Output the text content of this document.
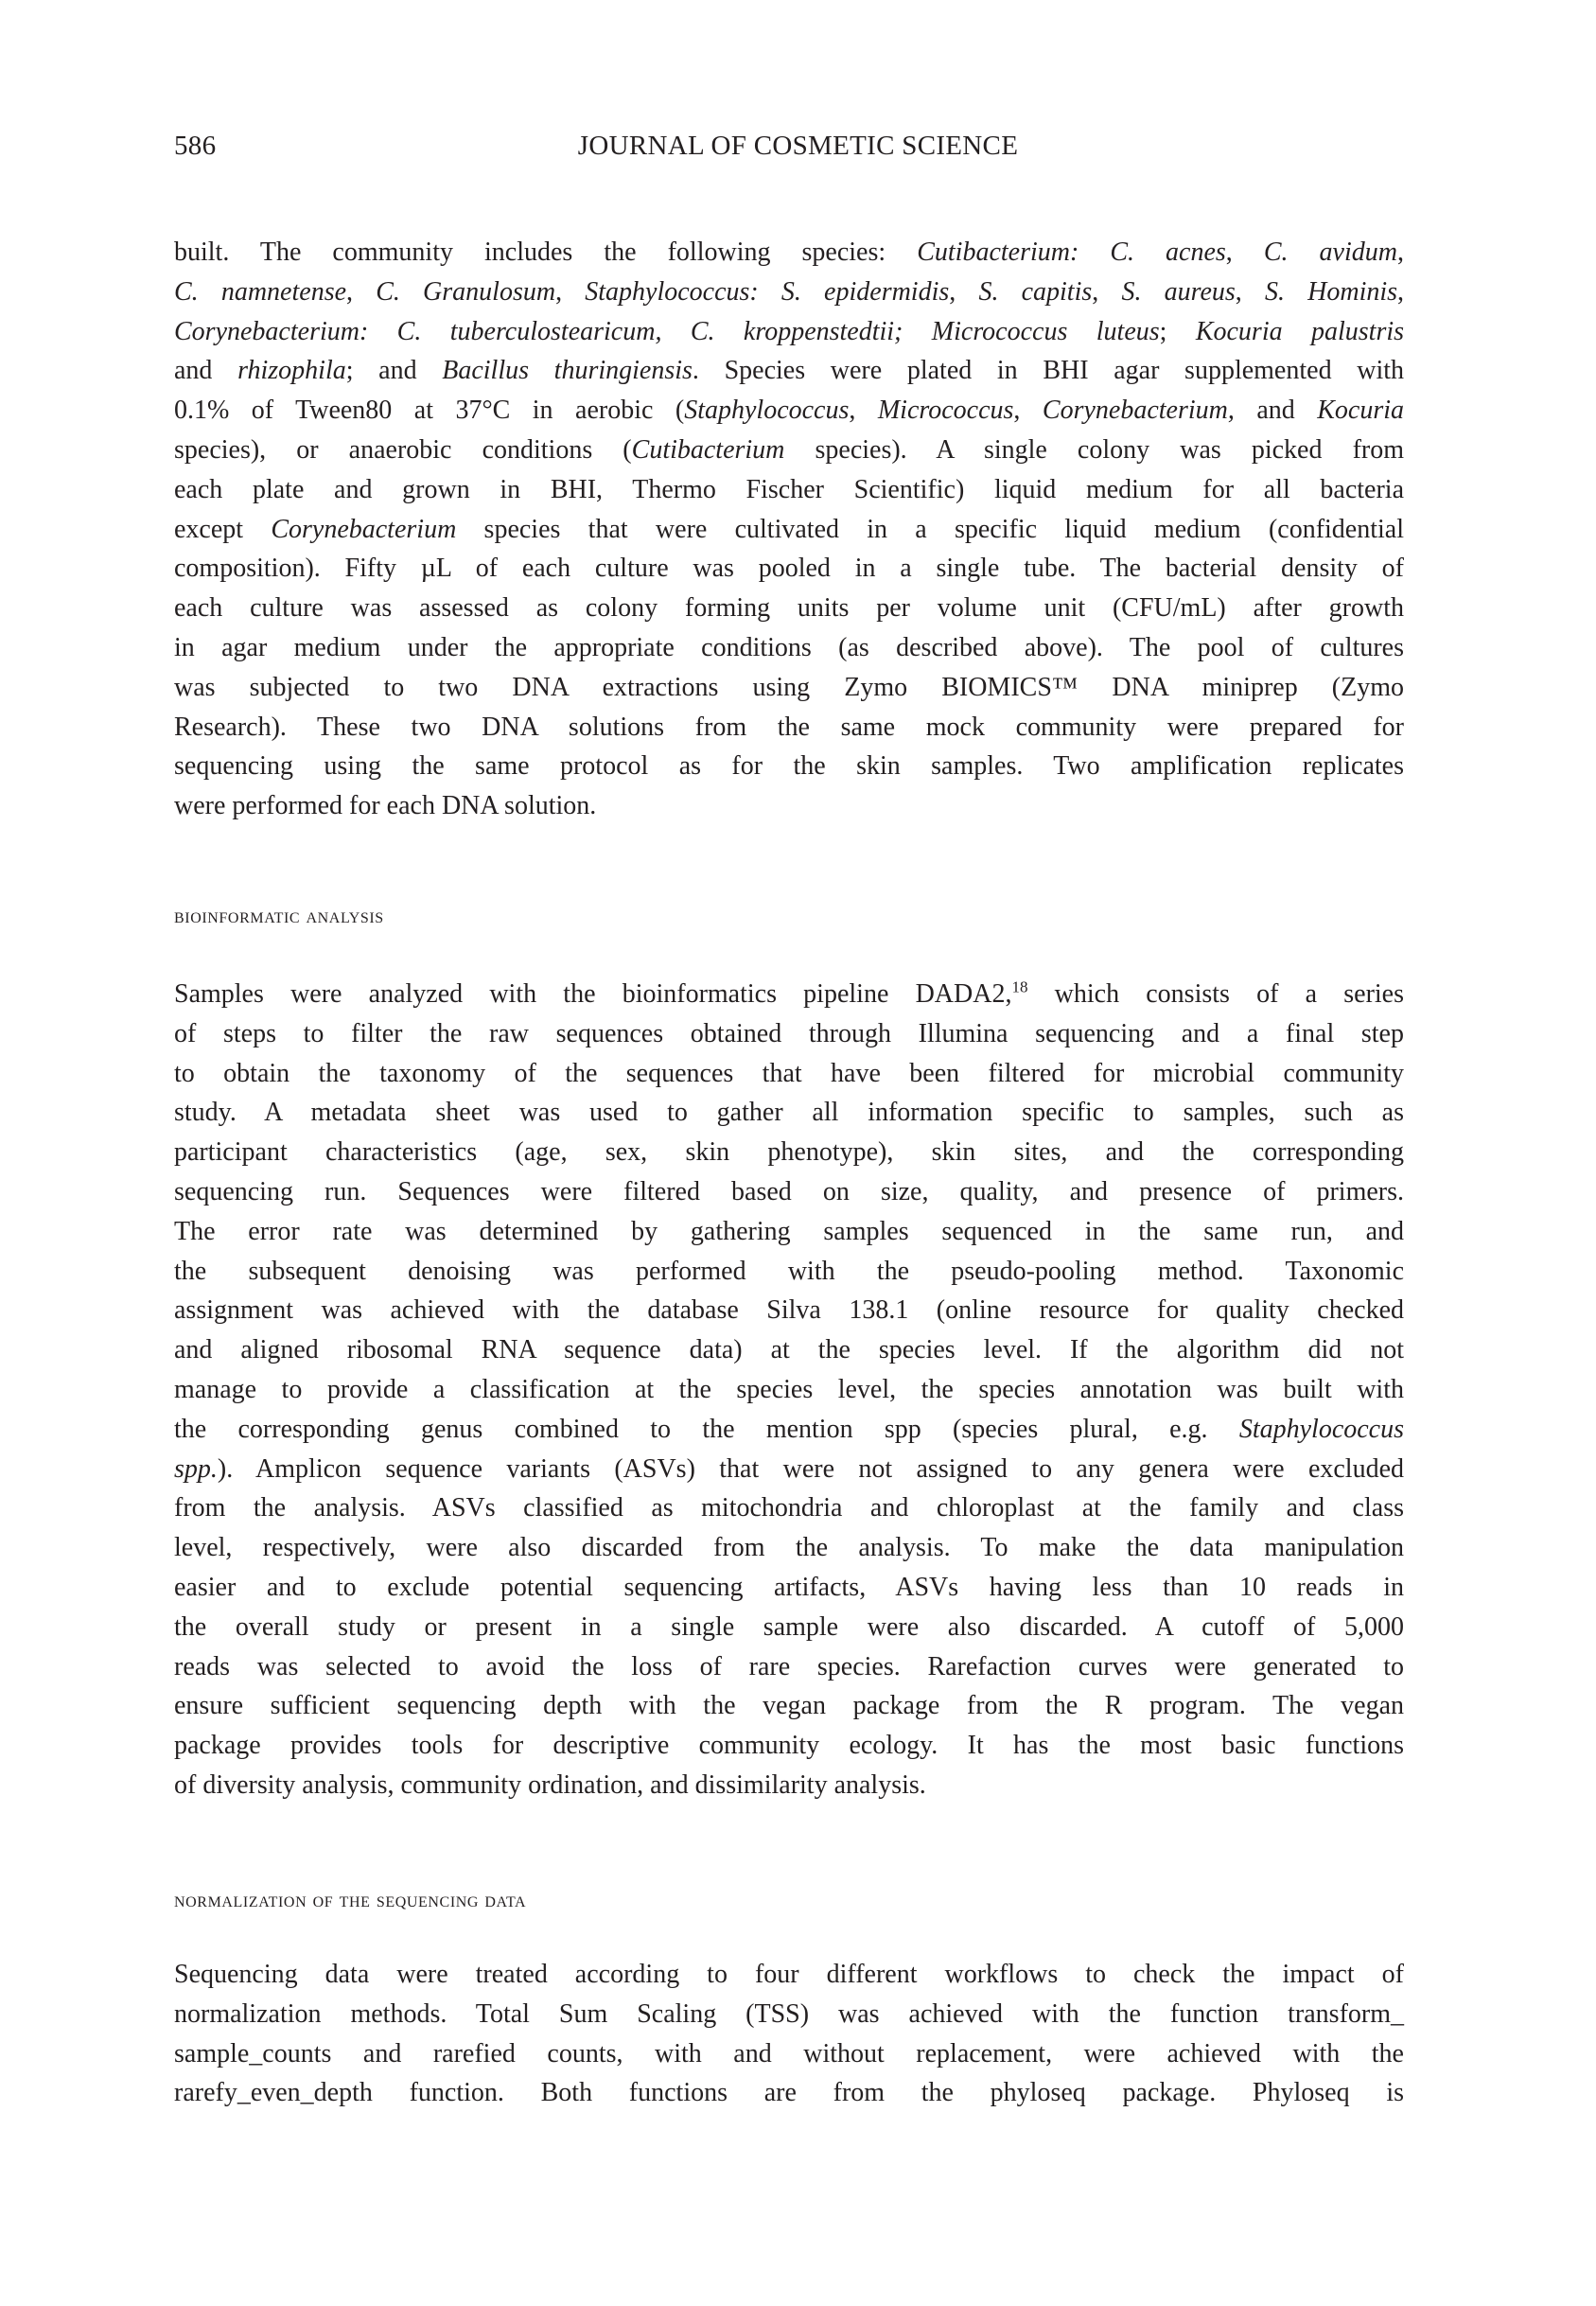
586	JOURNAL OF COSMETIC SCIENCE
built. The community includes the following species: Cutibacterium: C. acnes, C. avidum,
C. namnetense, C. Granulosum, Staphylococcus: S. epidermidis, S. capitis, S. aureus, S. Hominis,
Corynebacterium: C. tuberculostearicum, C. kroppenstedtii; Micrococcus luteus; Kocuria palustris
and rhizophila; and Bacillus thuringiensis. Species were plated in BHI agar supplemented with
0.1% of Tween80 at 37°C in aerobic (Staphylococcus, Micrococcus, Corynebacterium, and Kocuria
species), or anaerobic conditions (Cutibacterium species). A single colony was picked from
each plate and grown in BHI, Thermo Fischer Scientific) liquid medium for all bacteria
except Corynebacterium species that were cultivated in a specific liquid medium (confidential
composition). Fifty µL of each culture was pooled in a single tube. The bacterial density of
each culture was assessed as colony forming units per volume unit (CFU/mL) after growth
in agar medium under the appropriate conditions (as described above). The pool of cultures
was subjected to two DNA extractions using Zymo BIOMICS™ DNA miniprep (Zymo
Research). These two DNA solutions from the same mock community were prepared for
sequencing using the same protocol as for the skin samples. Two amplification replicates
were performed for each DNA solution.
bioinformatic analysis
Samples were analyzed with the bioinformatics pipeline DADA2,18 which consists of a series
of steps to filter the raw sequences obtained through Illumina sequencing and a final step
to obtain the taxonomy of the sequences that have been filtered for microbial community
study. A metadata sheet was used to gather all information specific to samples, such as
participant characteristics (age, sex, skin phenotype), skin sites, and the corresponding
sequencing run. Sequences were filtered based on size, quality, and presence of primers.
The error rate was determined by gathering samples sequenced in the same run, and
the subsequent denoising was performed with the pseudo-pooling method. Taxonomic
assignment was achieved with the database Silva 138.1 (online resource for quality checked
and aligned ribosomal RNA sequence data) at the species level. If the algorithm did not
manage to provide a classification at the species level, the species annotation was built with
the corresponding genus combined to the mention spp (species plural, e.g. Staphylococcus
spp.). Amplicon sequence variants (ASVs) that were not assigned to any genera were excluded
from the analysis. ASVs classified as mitochondria and chloroplast at the family and class
level, respectively, were also discarded from the analysis. To make the data manipulation
easier and to exclude potential sequencing artifacts, ASVs having less than 10 reads in
the overall study or present in a single sample were also discarded. A cutoff of 5,000
reads was selected to avoid the loss of rare species. Rarefaction curves were generated to
ensure sufficient sequencing depth with the vegan package from the R program. The vegan
package provides tools for descriptive community ecology. It has the most basic functions
of diversity analysis, community ordination, and dissimilarity analysis.
normalization of the sequencing data
Sequencing data were treated according to four different workflows to check the impact of
normalization methods. Total Sum Scaling (TSS) was achieved with the function transform_
sample_counts and rarefied counts, with and without replacement, were achieved with the
rarefy_even_depth function. Both functions are from the phyloseq package. Phyloseq is
